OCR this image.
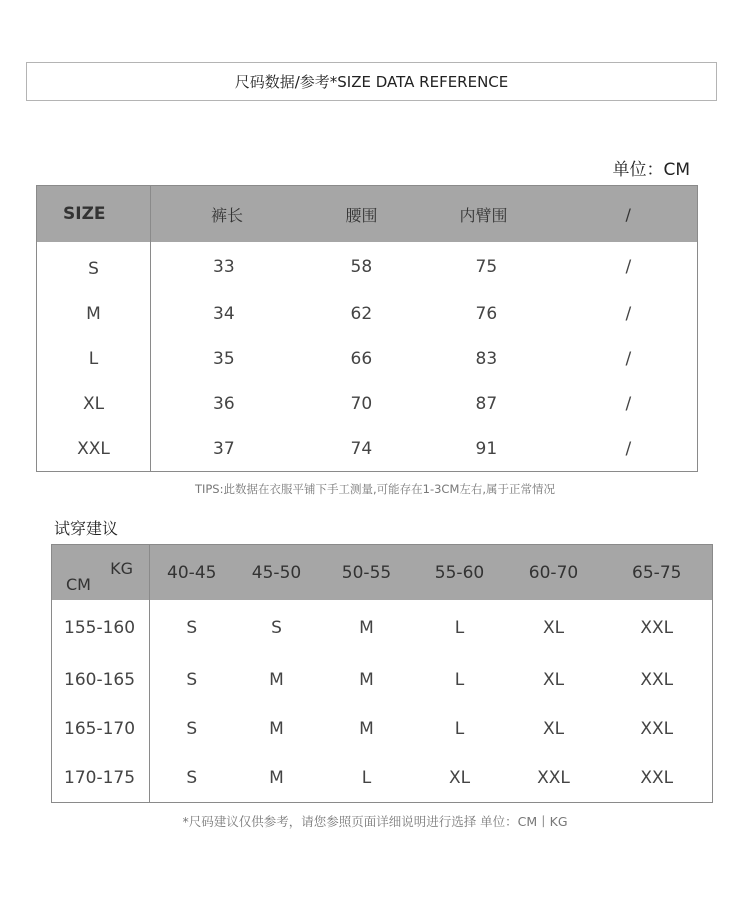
尺码数据/参考*SIZE DATA REFERENCE
单位：CM
SIZE	裤长	腰围	内臂围	/
S	33	58	75	/
M	34	62	76	/
L	35	66	83	/
XL	36	70	87	/
XXL	37	74	91	/
TIPS:此数据在衣服平铺下手工测量,可能存在1-3CM左右,属于正常情况
试穿建议
KG
CM	40-45	45-50	50-55	55-60	60-70	65-75
155-160	S	S	M	L	XL	XXL
160-165	S	M	M	L	XL	XXL
165-170	S	M	M	L	XL	XXL
170-175	S	M	L	XL	XXL	XXL
*尺码建议仅供参考，请您参照页面详细说明进行选择 单位：CM丨KG
